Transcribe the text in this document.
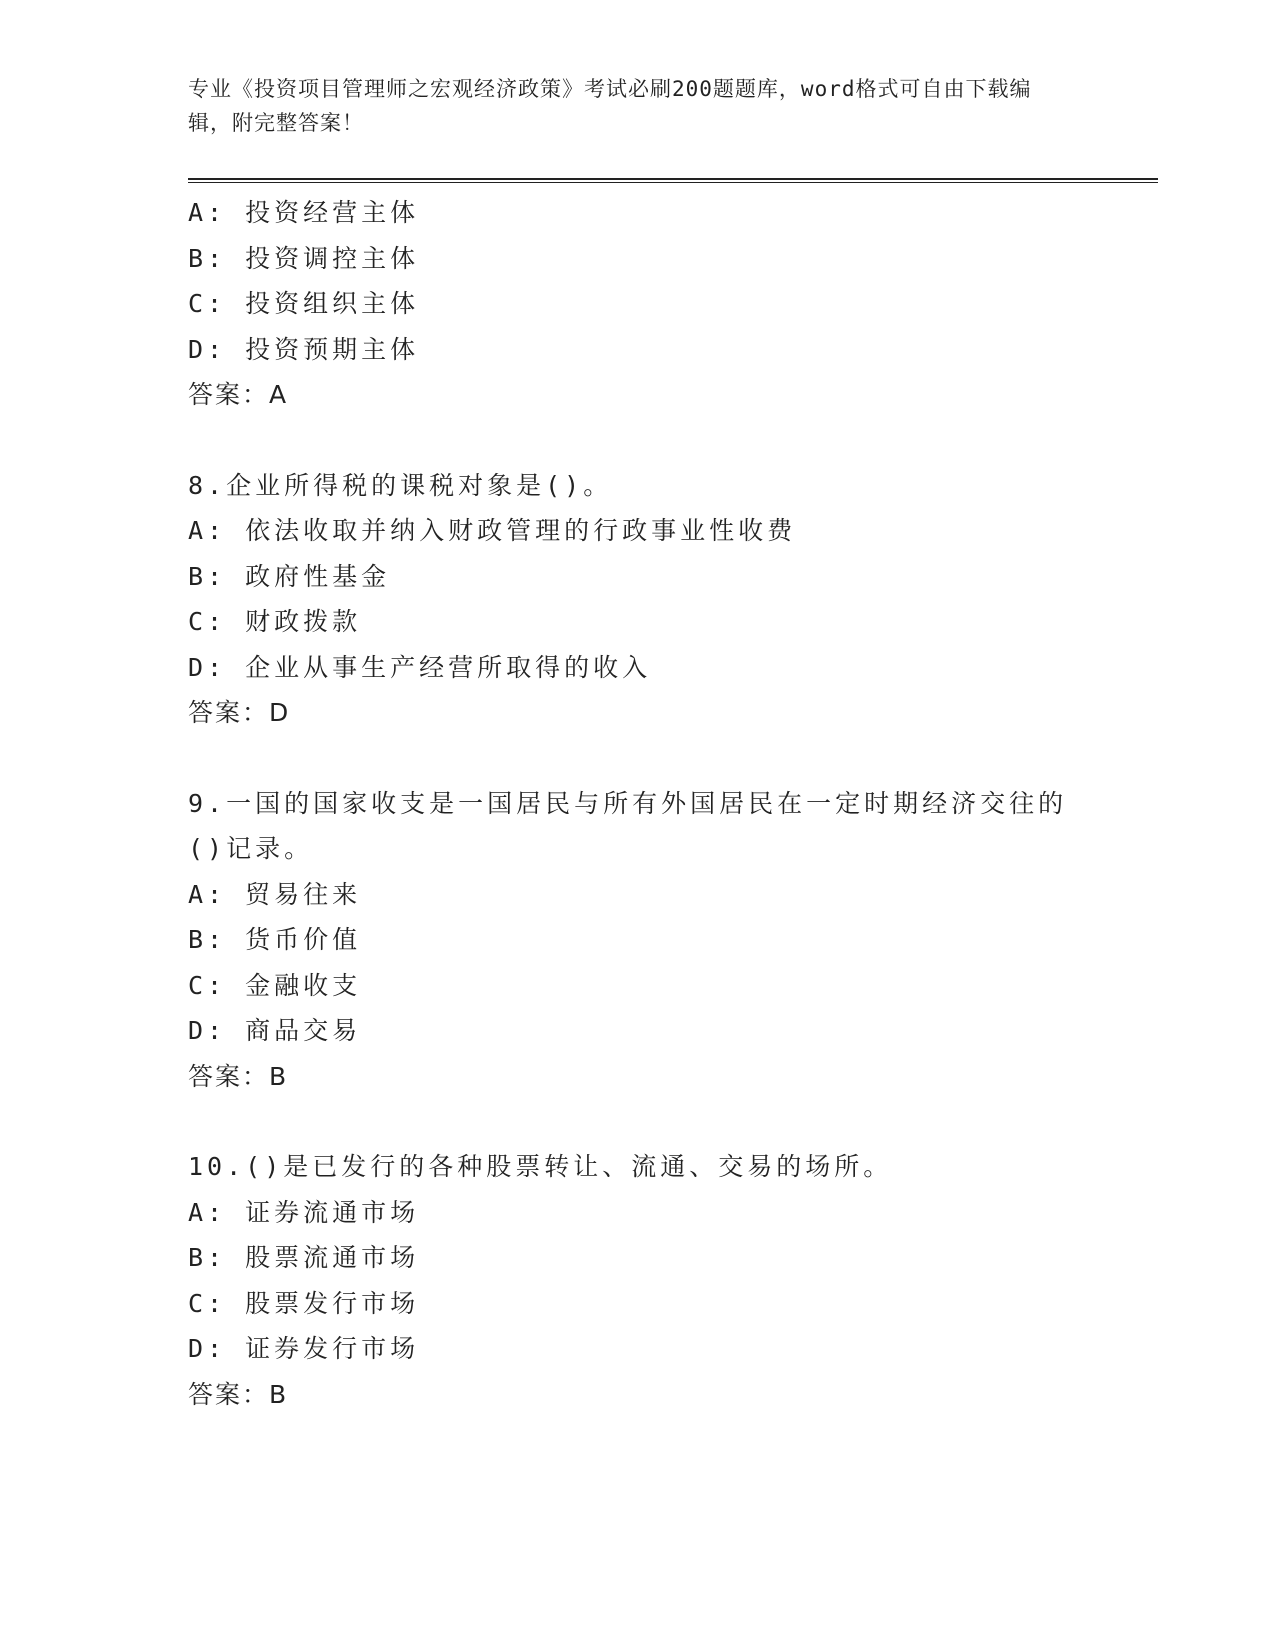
专业《投资项目管理师之宏观经济政策》考试必刷200题题库，word格式可自由下载编辑，附完整答案！
A: 投资经营主体
B: 投资调控主体
C: 投资组织主体
D: 投资预期主体
答案：A
8.企业所得税的课税对象是()。
A: 依法收取并纳入财政管理的行政事业性收费
B: 政府性基金
C: 财政拨款
D: 企业从事生产经营所取得的收入
答案：D
9.一国的国家收支是一国居民与所有外国居民在一定时期经济交往的()记录。
A: 贸易往来
B: 货币价值
C: 金融收支
D: 商品交易
答案：B
10.()是已发行的各种股票转让、流通、交易的场所。
A: 证券流通市场
B: 股票流通市场
C: 股票发行市场
D: 证券发行市场
答案：B
